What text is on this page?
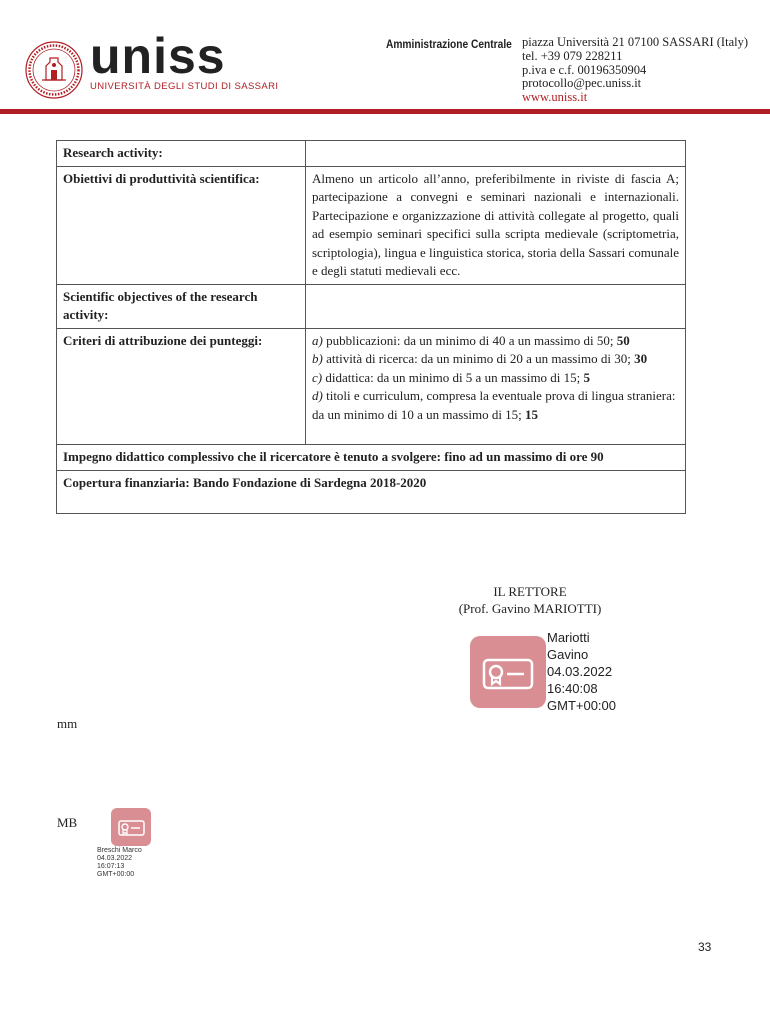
uniss
UNIVERSITÀ DEGLI STUDI DI SASSARI
Amministrazione Centrale piazza Università 21 07100 SASSARI (Italy)
tel. +39 079 228211
p.iva e c.f. 00196350904
protocollo@pec.uniss.it
www.uniss.it
Research activity:	
Obiettivi di produttività scientifica:	Almeno un articolo all’anno, preferibilmente in riviste di fascia A; partecipazione a convegni e seminari nazionali e internazionali. Partecipazione e organizzazione di attività collegate al progetto, quali ad esempio seminari specifici sulla scripta medievale (scriptometria, scriptologia), lingua e linguistica storica, storia della Sassari comunale e degli statuti medievali ecc.
Scientific objectives of the research activity:	
Criteri di attribuzione dei punteggi:	a) pubblicazioni: da un minimo di 40 a un massimo di 50; 50
b) attività di ricerca: da un minimo di 20 a un massimo di 30; 30
c) didattica: da un minimo di 5 a un massimo di 15; 5
d) titoli e curriculum, compresa la eventuale prova di lingua straniera: da un minimo di 10 a un massimo di 15; 15

Impegno didattico complessivo che il ricercatore è tenuto a svolgere: fino ad un massimo di ore 90	
Copertura finanziaria: Bando Fondazione di Sardegna 2018-2020	
IL RETTORE
(Prof. Gavino MARIOTTI)
Mariotti
Gavino
04.03.2022
16:40:08
GMT+00:00
mm
MB
Breschi Marco
04.03.2022
16:07:13
GMT+00:00
33
